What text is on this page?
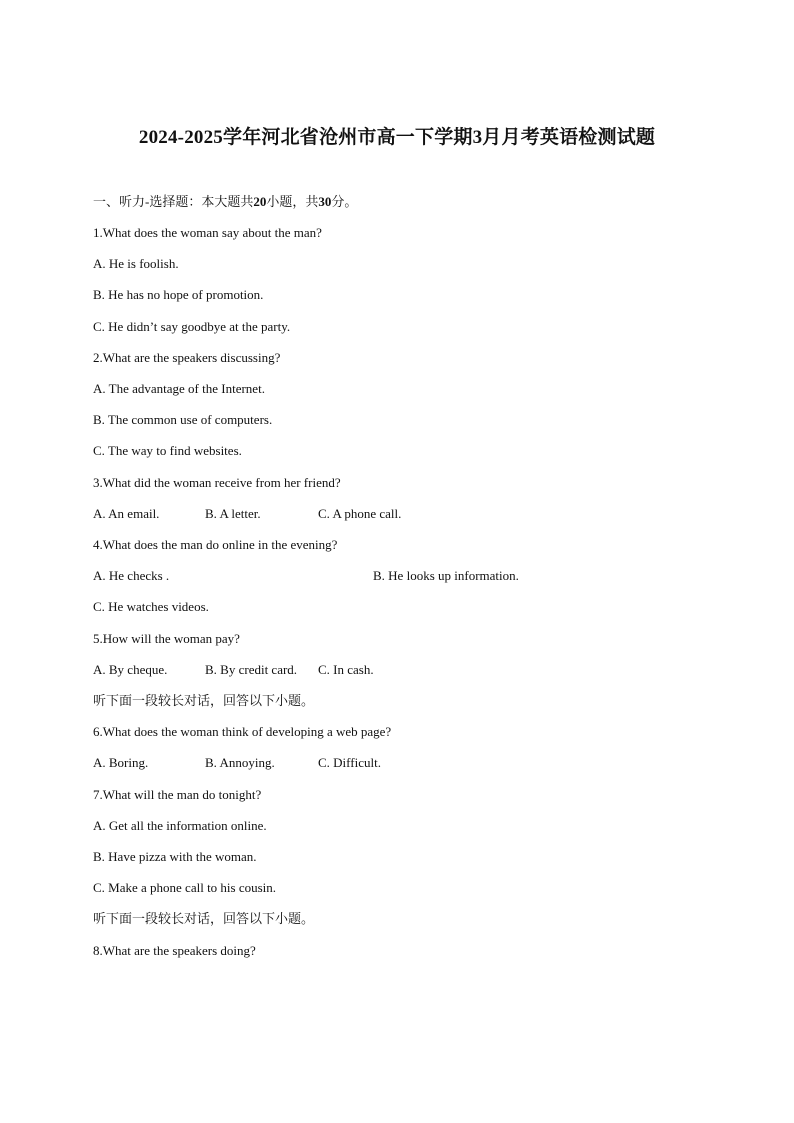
2024-2025学年河北省沧州市高一下学期3月月考英语检测试题
一、听力-选择题：本大题共20小题，共30分。
1.What does the woman say about the man?
A. He is foolish.
B. He has no hope of promotion.
C. He didn’t say goodbye at the party.
2.What are the speakers discussing?
A. The advantage of the Internet.
B. The common use of computers.
C. The way to find websites.
3.What did the woman receive from her friend?
A. An email.	B. A letter.	C. A phone call.
4.What does the man do online in the evening?
A. He checks .	B. He looks up information.
C. He watches videos.
5.How will the woman pay?
A. By cheque.	B. By credit card. C. In cash.
听下面一段较长对话，回答以下小题。
6.What does the woman think of developing a web page?
A. Boring.	B. Annoying.	C. Difficult.
7.What will the man do tonight?
A. Get all the information online.
B. Have pizza with the woman.
C. Make a phone call to his cousin.
听下面一段较长对话，回答以下小题。
8.What are the speakers doing?
